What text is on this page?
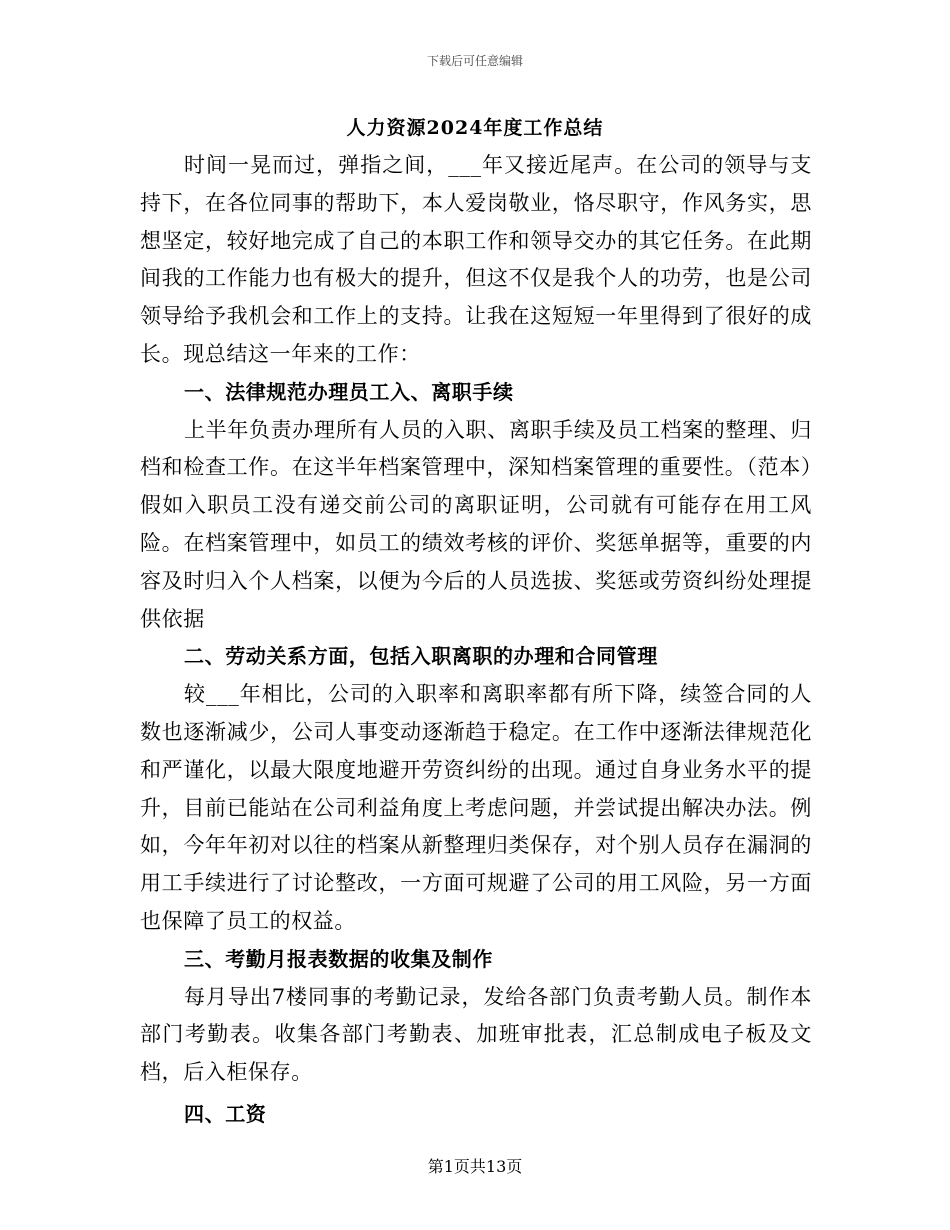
下载后可任意编辑
人力资源2024年度工作总结

时间一晃而过，弹指之间，___年又接近尾声。在公司的领导与支持下，在各位同事的帮助下，本人爱岗敬业，恪尽职守，作风务实，思想坚定，较好地完成了自己的本职工作和领导交办的其它任务。在此期间我的工作能力也有极大的提升，但这不仅是我个人的功劳，也是公司领导给予我机会和工作上的支持。让我在这短短一年里得到了很好的成长。现总结这一年来的工作：

一、法律规范办理员工入、离职手续

上半年负责办理所有人员的入职、离职手续及员工档案的整理、归档和检查工作。在这半年档案管理中，深知档案管理的重要性。（范本）假如入职员工没有递交前公司的离职证明，公司就有可能存在用工风险。在档案管理中，如员工的绩效考核的评价、奖惩单据等，重要的内容及时归入个人档案，以便为今后的人员选拔、奖惩或劳资纠纷处理提供依据

二、劳动关系方面，包括入职离职的办理和合同管理

较___年相比，公司的入职率和离职率都有所下降，续签合同的人数也逐渐减少，公司人事变动逐渐趋于稳定。在工作中逐渐法律规范化和严谨化，以最大限度地避开劳资纠纷的出现。通过自身业务水平的提升，目前已能站在公司利益角度上考虑问题，并尝试提出解决办法。例如，今年年初对以往的档案从新整理归类保存，对个别人员存在漏洞的用工手续进行了讨论整改，一方面可规避了公司的用工风险，另一方面也保障了员工的权益。

三、考勤月报表数据的收集及制作

每月导出7楼同事的考勤记录，发给各部门负责考勤人员。制作本部门考勤表。收集各部门考勤表、加班审批表，汇总制成电子板及文档，后入柜保存。

四、工资

第1页共13页
